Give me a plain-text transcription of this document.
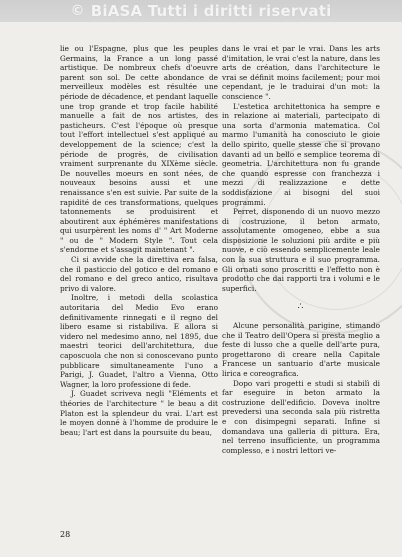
© BiASA Tutti i diritti riservati

lie ou l'Espagne, plus que les peuples Germains, la France a un long passé artistique. De nombreux chefs d'oeuvre parent son sol. De cette abondance de merveilleux modèles est résultée une période de décadence, et pendant laquelle une trop grande et trop facile habilité manuelle a fait de nos artistes, des pasticheurs. C'est l'époque où presque tout l'effort intellectuel s'est appliqué au developpement de la science; c'est la période de progrès, de civilisation vraiment surprenante du XIXème siècle. De nouvelles moeurs en sont nées, de nouveaux besoins aussi et une renaissance s'en est suivie. Par suite de la rapidité de ces transformations, quelques tatonnements se produisirent et aboutirent aux éphémères manifestations qui usurpèrent les noms d' " Art Moderne " ou de " Modern Style ". Tout cela s'endorme et s'assagit maintenant ".

Ci si avvide che la direttiva era falsa, che il pasticcio del gotico e del romano e del romano e del greco antico, risultava privo di valore.

Inoltre, i metodi della scolastica autoritaria del Medio Evo erano definitivamente rinnegati e il regno del libero esame si ristabiliva. E allora si videro nel medesimo anno, nel 1895, due maestri teorici dell'architettura, due caposcuola che non si conoscevano punto pubblicare simultaneamente l'uno a Parigi, J. Guadet, l'altro a Vienna, Otto Wagner, la loro professione di fede.

J. Guadet scriveva negli "Eléments et théories de l'architecture " le beau a dit Platon est la splendeur du vrai. L'art est le moyen donné à l'homme de produire le beau; l'art est dans la poursuite du beau,

dans le vrai et par le vrai. Dans les arts d'imitation, le vrai c'est la nature, dans les arts de création, dans l'architecture le vrai se définit moins facilement; pour moi cependant, je le traduirai d'un mot: la conscience ".

L'estetica architettonica ha sempre e in relazione ai materiali, partecipato di una sorta d'armonia matematica. Col marmo l'umanità ha conosciuto le gioie dello spirito, quelle stesse che si provano davanti ad un bello e semplice teorema di geometria. L'architettura non fu grande che quando espresse con franchezza i mezzi di realizzazione e dette soddisfazione ai bisogni del suoi programmi.

Perret, disponendo di un nuovo mezzo di costruzione, il beton armato, assolutamente omogeneo, ebbe a sua disposizione le soluzioni più ardite e più nuove, e ciò essendo semplicemente leale con la sua struttura e il suo programma. Gli ornati sono proscritti e l'effetto non è prodotto che dai rapporti tra i volumi e le superfici.

∴

Alcune personalità parigine, stimando che il Teatro dell'Opera si presta meglio a feste di lusso che a quelle dell'arte pura, progettarono di creare nella Capitale Francese un santuario d'arte musicale lirica e coreografica.

Dopo vari progetti e studi si stabilì di far eseguire in beton armato la costruzione dell'edificio. Doveva inoltre prevedersi una seconda sala più ristretta e con disimpegni separati. Infine si domandava una galleria di pittura. Era, nel terreno insufficiente, un programma complesso, e i nostri lettori ve-

28
